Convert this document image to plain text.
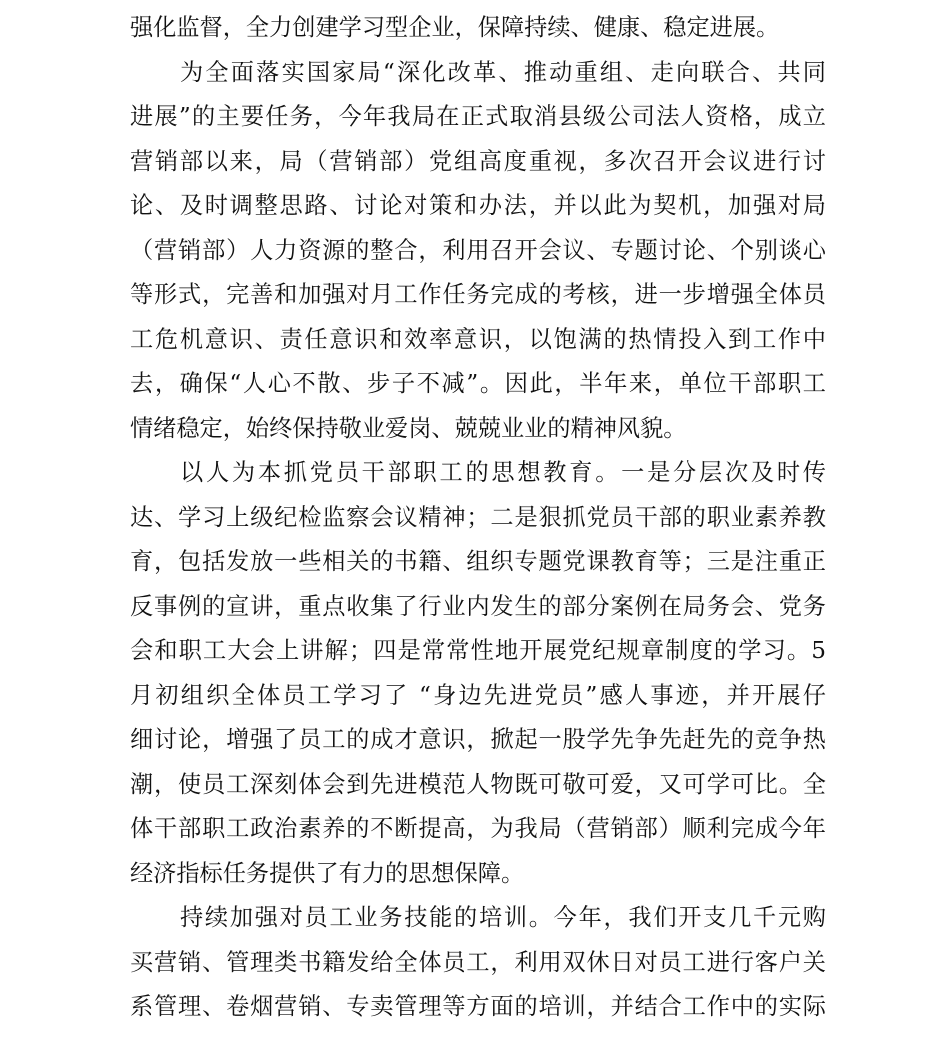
强化监督，全力创建学习型企业，保障持续、健康、稳定进展。
为全面落实国家局“深化改革、推动重组、走向联合、共同
进展”的主要任务，今年我局在正式取消县级公司法人资格，成立
营销部以来，局（营销部）党组高度重视，多次召开会议进行讨
论、及时调整思路、讨论对策和办法，并以此为契机，加强对局
（营销部）人力资源的整合，利用召开会议、专题讨论、个别谈心
等形式，完善和加强对月工作任务完成的考核，进一步增强全体员
工危机意识、责任意识和效率意识，以饱满的热情投入到工作中
去，确保“人心不散、步子不减”。因此，半年来，单位干部职工
情绪稳定，始终保持敬业爱岗、兢兢业业的精神风貌。
以人为本抓党员干部职工的思想教育。一是分层次及时传
达、学习上级纪检监察会议精神；二是狠抓党员干部的职业素养教
育，包括发放一些相关的书籍、组织专题党课教育等；三是注重正
反事例的宣讲，重点收集了行业内发生的部分案例在局务会、党务
会和职工大会上讲解；四是常常性地开展党纪规章制度的学习。5
月初组织全体员工学习了 “身边先进党员”感人事迹，并开展仔
细讨论，增强了员工的成才意识，掀起一股学先争先赶先的竞争热
潮，使员工深刻体会到先进模范人物既可敬可爱，又可学可比。全
体干部职工政治素养的不断提高，为我局（营销部）顺利完成今年
经济指标任务提供了有力的思想保障。
持续加强对员工业务技能的培训。今年，我们开支几千元购
买营销、管理类书籍发给全体员工，利用双休日对员工进行客户关
系管理、卷烟营销、专卖管理等方面的培训，并结合工作中的实际
